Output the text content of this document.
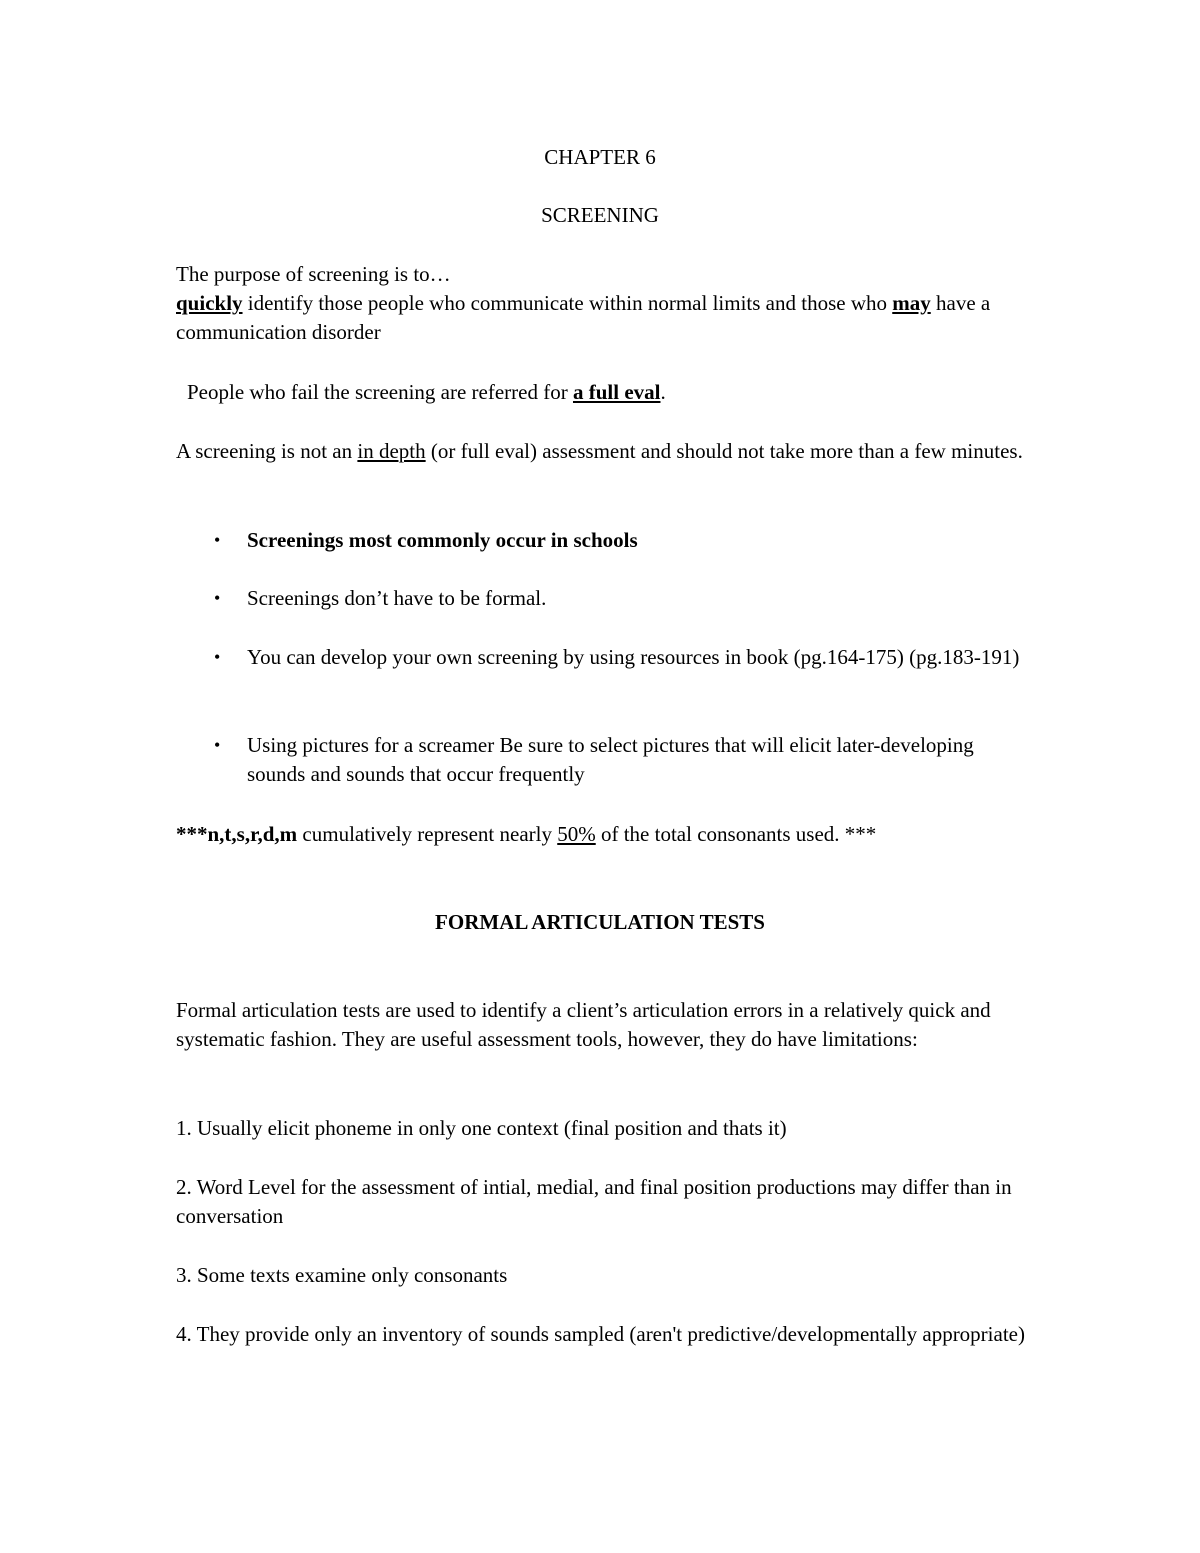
CHAPTER 6

SCREENING

The purpose of screening is to…

quickly identify those people who communicate within normal limits and those who may have a communication disorder

People who fail the screening are referred for a full eval.

A screening is not an in depth (or full eval) assessment and should not take more than a few minutes.

• Screenings most commonly occur in schools
• Screenings don’t have to be formal.
• You can develop your own screening by using resources in book (pg.164-175) (pg.183-191)
• Using pictures for a screamer Be sure to select pictures that will elicit later-developing sounds and sounds that occur frequently

***n,t,s,r,d,m cumulatively represent nearly 50% of the total consonants used. ***

FORMAL ARTICULATION TESTS

Formal articulation tests are used to identify a client’s articulation errors in a relatively quick and systematic fashion. They are useful assessment tools, however, they do have limitations:

1. Usually elicit phoneme in only one context (final position and thats it)

2. Word Level for the assessment of intial, medial, and final position productions may differ than in conversation

3. Some texts examine only consonants

4. They provide only an inventory of sounds sampled (aren't predictive/developmentally appropriate)
